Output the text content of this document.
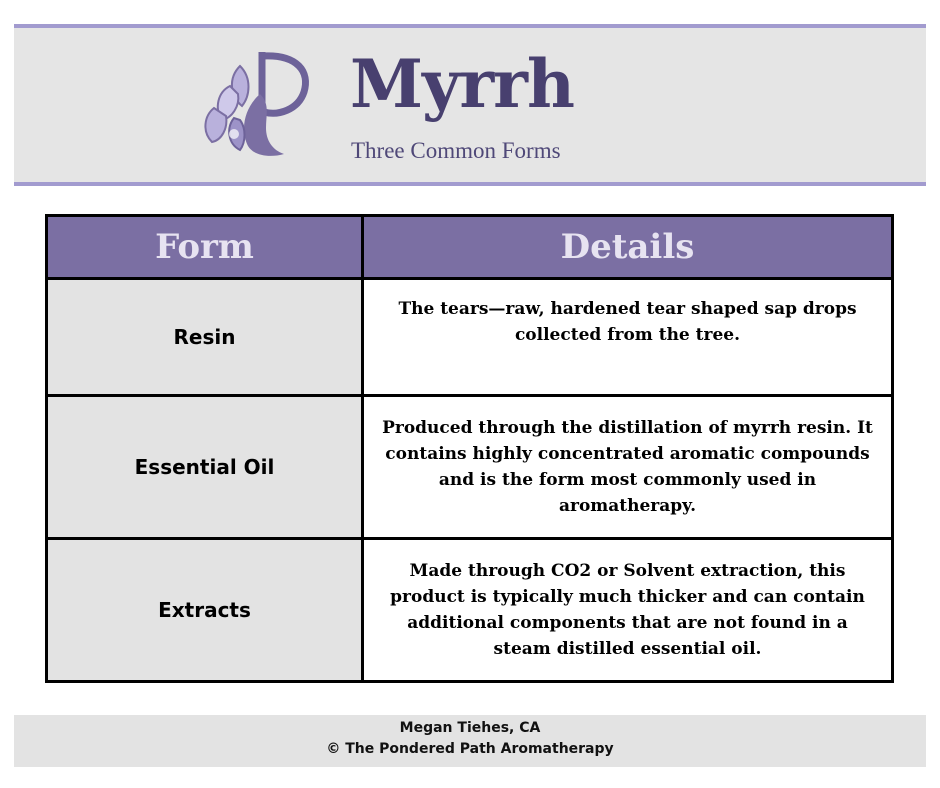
Myrrh
Three Common Forms
Form	Details
Resin	The tears—raw, hardened tear shaped sap drops collected from the tree.
Essential Oil	Produced through the distillation of myrrh resin. It contains highly concentrated aromatic compounds and is the form most commonly used in aromatherapy.
Extracts	Made through CO2 or Solvent extraction, this product is typically much thicker and can contain additional components that are not found in a steam distilled essential oil.
Megan Tiehes, CA
© The Pondered Path Aromatherapy
